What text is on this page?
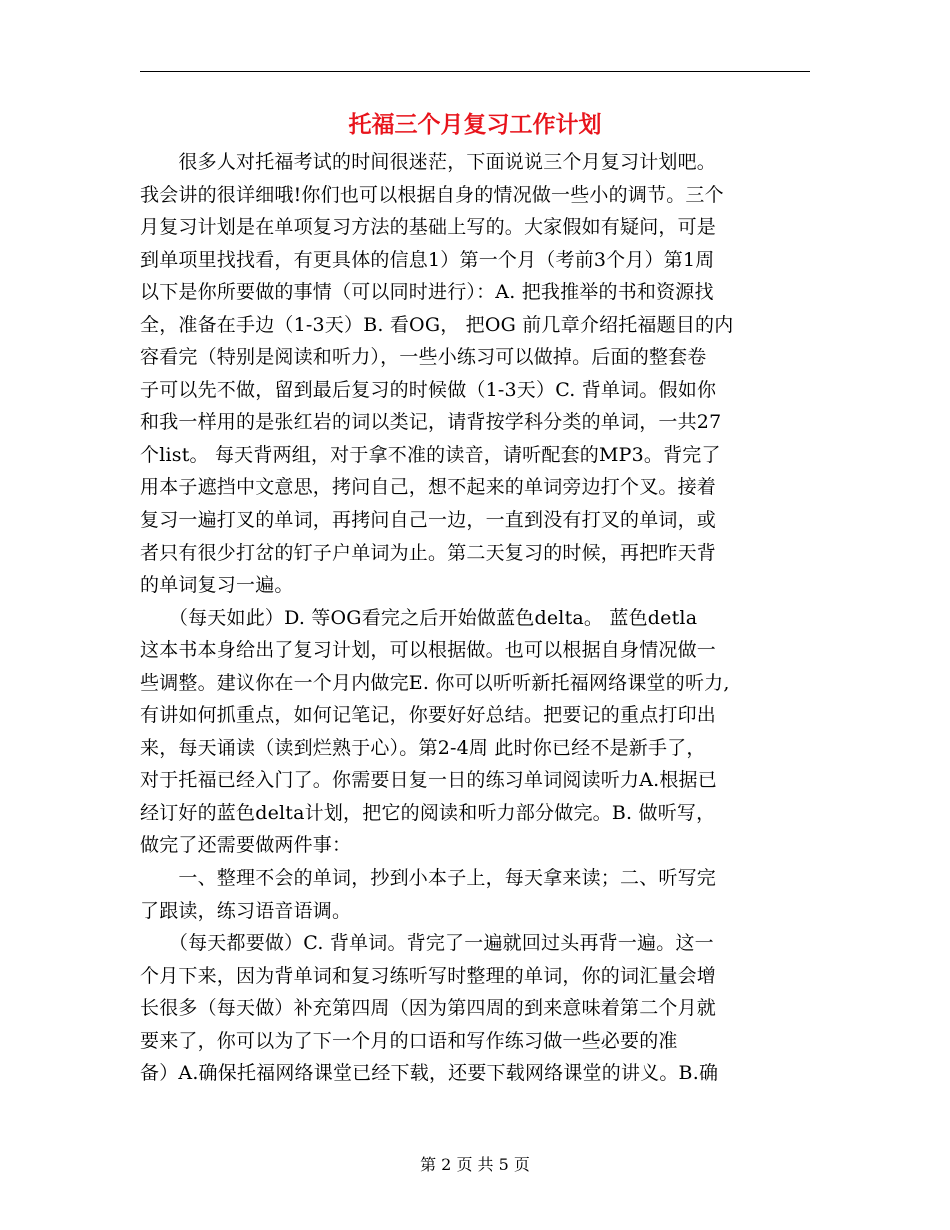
托福三个月复习工作计划
　　很多人对托福考试的时间很迷茫，下面说说三个月复习计划吧。
我会讲的很详细哦!你们也可以根据自身的情况做一些小的调节。三个
月复习计划是在单项复习方法的基础上写的。大家假如有疑问，可是
到单项里找找看，有更具体的信息1）第一个月（考前3个月）第1周
以下是你所要做的事情（可以同时进行）：A. 把我推举的书和资源找
全，准备在手边（1-3天）B. 看OG， 把OG 前几章介绍托福题目的内
容看完（特别是阅读和听力），一些小练习可以做掉。后面的整套卷
子可以先不做，留到最后复习的时候做（1-3天）C. 背单词。假如你
和我一样用的是张红岩的词以类记，请背按学科分类的单词，一共27
个list。 每天背两组，对于拿不准的读音，请听配套的MP3。背完了
用本子遮挡中文意思，拷问自己，想不起来的单词旁边打个叉。接着
复习一遍打叉的单词，再拷问自己一边，一直到没有打叉的单词，或
者只有很少打岔的钉子户单词为止。第二天复习的时候，再把昨天背
的单词复习一遍。
　　（每天如此）D. 等OG看完之后开始做蓝色delta。 蓝色detla
这本书本身给出了复习计划，可以根据做。也可以根据自身情况做一
些调整。建议你在一个月内做完E. 你可以听听新托福网络课堂的听力,
有讲如何抓重点，如何记笔记，你要好好总结。把要记的重点打印出
来，每天诵读（读到烂熟于心）。第2-4周 此时你已经不是新手了，
对于托福已经入门了。你需要日复一日的练习单词阅读听力A.根据已
经订好的蓝色delta计划，把它的阅读和听力部分做完。B. 做听写，
做完了还需要做两件事：
　　一、整理不会的单词，抄到小本子上，每天拿来读；二、听写完
了跟读，练习语音语调。
　　（每天都要做）C. 背单词。背完了一遍就回过头再背一遍。这一
个月下来，因为背单词和复习练听写时整理的单词，你的词汇量会增
长很多（每天做）补充第四周（因为第四周的到来意味着第二个月就
要来了，你可以为了下一个月的口语和写作练习做一些必要的准
备）A.确保托福网络课堂已经下载，还要下载网络课堂的讲义。B.确
第 2 页 共 5 页
